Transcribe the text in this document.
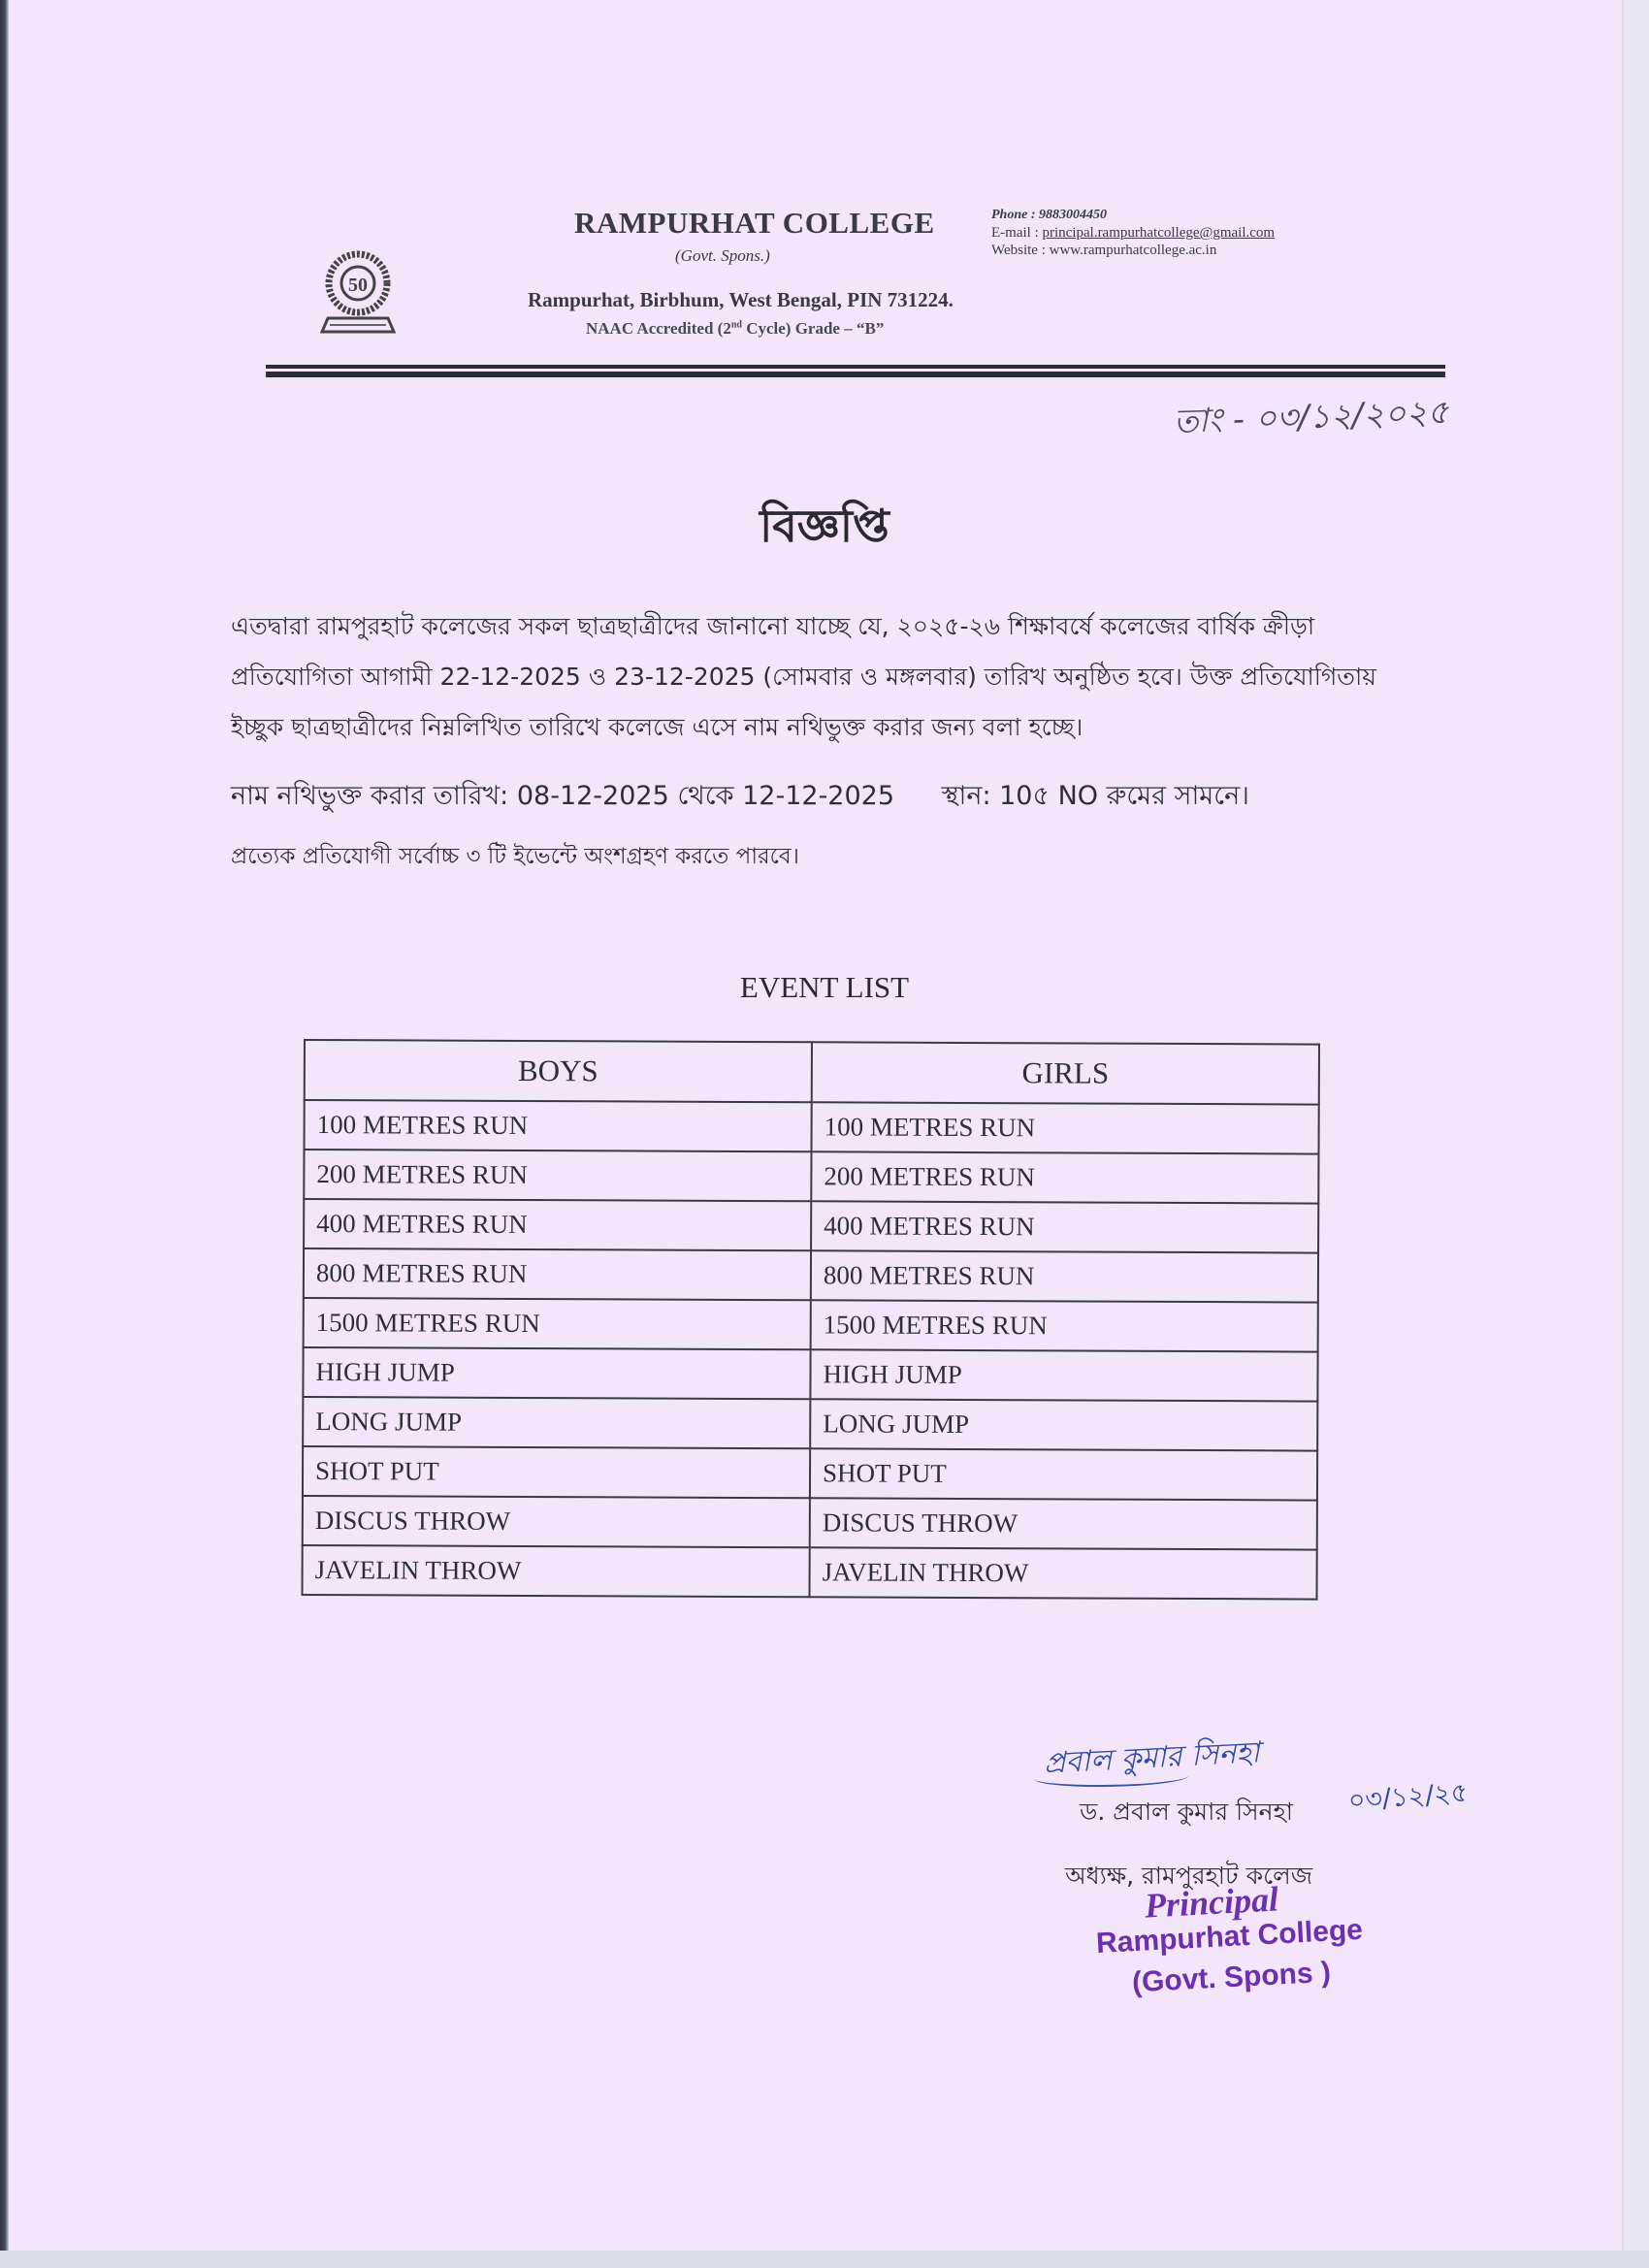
50
RAMPURHAT COLLEGE
(Govt. Spons.)
Phone : 9883004450
E-mail : principal.rampurhatcollege@gmail.com
Website : www.rampurhatcollege.ac.in
Rampurhat, Birbhum, West Bengal, PIN 731224.
NAAC Accredited (2nd Cycle) Grade – “B”
তাং - ০৩/১২/২০২৫
বিজ্ঞপ্তি
এতদ্বারা রামপুরহাট কলেজের সকল ছাত্রছাত্রীদের জানানো যাচ্ছে যে, ২০২৫-২৬ শিক্ষাবর্ষে কলেজের বার্ষিক ক্রীড়া প্রতিযোগিতা আগামী 22-12-2025 ও 23-12-2025 (সোমবার ও মঙ্গলবার) তারিখ অনুষ্ঠিত হবে। উক্ত প্রতিযোগিতায় ইচ্ছুক ছাত্রছাত্রীদের নিম্নলিখিত তারিখে কলেজে এসে নাম নথিভুক্ত করার জন্য বলা হচ্ছে।
নাম নথিভুক্ত করার তারিখ: 08-12-2025 থেকে 12-12-2025 স্থান: 10৫ NO রুমের সামনে।
প্রত্যেক প্রতিযোগী সর্বোচ্চ ৩ টি ইভেন্টে অংশগ্রহণ করতে পারবে।
EVENT LIST
BOYS	GIRLS
100 METRES RUN	100 METRES RUN
200 METRES RUN	200 METRES RUN
400 METRES RUN	400 METRES RUN
800 METRES RUN	800 METRES RUN
1500 METRES RUN	1500 METRES RUN
HIGH JUMP	HIGH JUMP
LONG JUMP	LONG JUMP
SHOT PUT	SHOT PUT
DISCUS THROW	DISCUS THROW
JAVELIN THROW	JAVELIN THROW
প্রবাল কুমার সিনহা
০৩/১২/২৫
ড. প্রবাল কুমার সিনহা
অধ্যক্ষ, রামপুরহাট কলেজ
Principal
Rampurhat College
(Govt. Spons )
